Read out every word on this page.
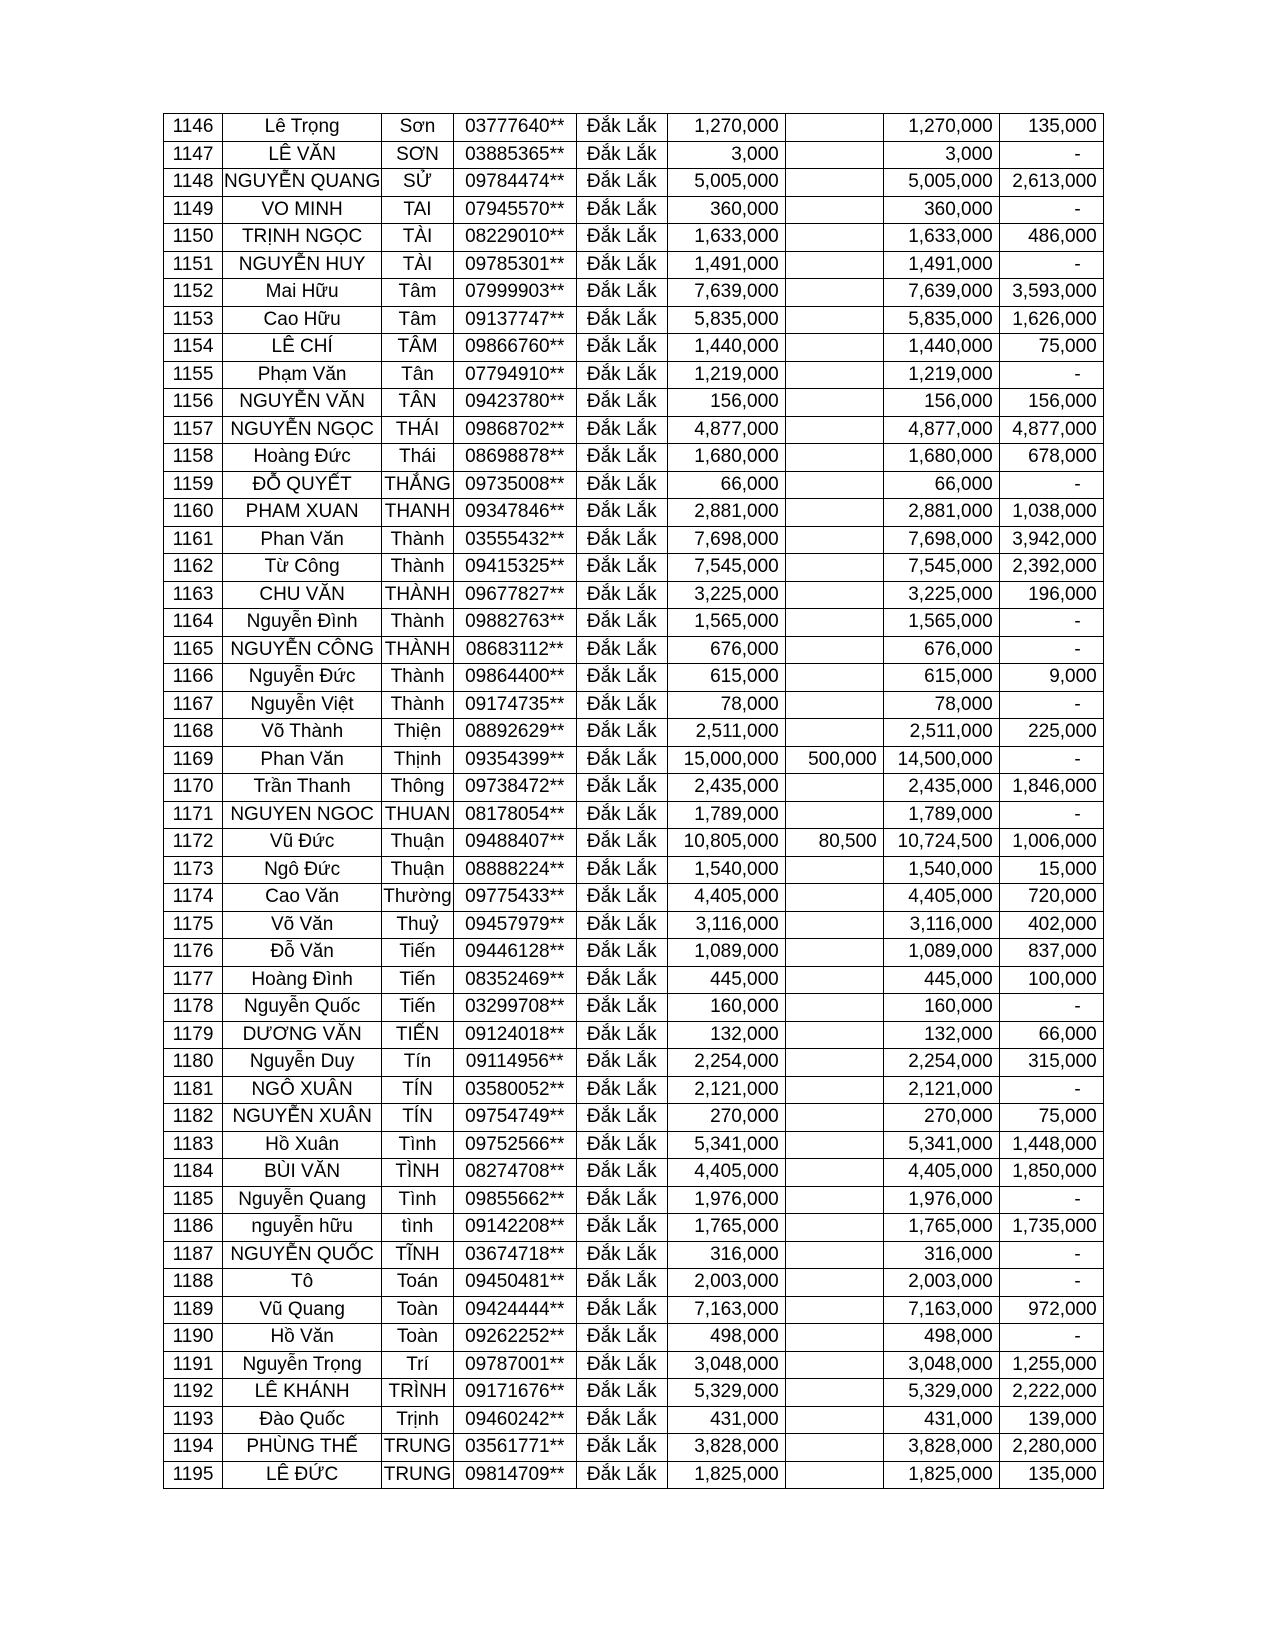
1146	Lê Trọng	Sơn	03777640**	Đắk Lắk	1,270,000		1,270,000	135,000
1147	LÊ VĂN	SƠN	03885365**	Đắk Lắk	3,000		3,000	-
1148	NGUYỄN QUANG	SỬ	09784474**	Đắk Lắk	5,005,000		5,005,000	2,613,000
1149	VO MINH	TAI	07945570**	Đắk Lắk	360,000		360,000	-
1150	TRỊNH NGỌC	TÀI	08229010**	Đắk Lắk	1,633,000		1,633,000	486,000
1151	NGUYỄN HUY	TÀI	09785301**	Đắk Lắk	1,491,000		1,491,000	-
1152	Mai Hữu	Tâm	07999903**	Đắk Lắk	7,639,000		7,639,000	3,593,000
1153	Cao Hữu	Tâm	09137747**	Đắk Lắk	5,835,000		5,835,000	1,626,000
1154	LÊ CHÍ	TÂM	09866760**	Đắk Lắk	1,440,000		1,440,000	75,000
1155	Phạm Văn	Tân	07794910**	Đắk Lắk	1,219,000		1,219,000	-
1156	NGUYỄN VĂN	TÂN	09423780**	Đắk Lắk	156,000		156,000	156,000
1157	NGUYỄN NGỌC	THÁI	09868702**	Đắk Lắk	4,877,000		4,877,000	4,877,000
1158	Hoàng Đức	Thái	08698878**	Đắk Lắk	1,680,000		1,680,000	678,000
1159	ĐỖ QUYẾT	THẮNG	09735008**	Đắk Lắk	66,000		66,000	-
1160	PHAM XUAN	THANH	09347846**	Đắk Lắk	2,881,000		2,881,000	1,038,000
1161	Phan Văn	Thành	03555432**	Đắk Lắk	7,698,000		7,698,000	3,942,000
1162	Từ Công	Thành	09415325**	Đắk Lắk	7,545,000		7,545,000	2,392,000
1163	CHU VĂN	THÀNH	09677827**	Đắk Lắk	3,225,000		3,225,000	196,000
1164	Nguyễn Đình	Thành	09882763**	Đắk Lắk	1,565,000		1,565,000	-
1165	NGUYỄN CÔNG	THÀNH	08683112**	Đắk Lắk	676,000		676,000	-
1166	Nguyễn Đức	Thành	09864400**	Đắk Lắk	615,000		615,000	9,000
1167	Nguyễn Việt	Thành	09174735**	Đắk Lắk	78,000		78,000	-
1168	Võ Thành	Thiện	08892629**	Đắk Lắk	2,511,000		2,511,000	225,000
1169	Phan Văn	Thịnh	09354399**	Đắk Lắk	15,000,000	500,000	14,500,000	-
1170	Trần Thanh	Thông	09738472**	Đắk Lắk	2,435,000		2,435,000	1,846,000
1171	NGUYEN NGOC	THUAN	08178054**	Đắk Lắk	1,789,000		1,789,000	-
1172	Vũ Đức	Thuận	09488407**	Đắk Lắk	10,805,000	80,500	10,724,500	1,006,000
1173	Ngô Đức	Thuận	08888224**	Đắk Lắk	1,540,000		1,540,000	15,000
1174	Cao Văn	Thường	09775433**	Đắk Lắk	4,405,000		4,405,000	720,000
1175	Võ Văn	Thuỷ	09457979**	Đắk Lắk	3,116,000		3,116,000	402,000
1176	Đỗ Văn	Tiến	09446128**	Đắk Lắk	1,089,000		1,089,000	837,000
1177	Hoàng Đình	Tiến	08352469**	Đắk Lắk	445,000		445,000	100,000
1178	Nguyễn Quốc	Tiến	03299708**	Đắk Lắk	160,000		160,000	-
1179	DƯƠNG VĂN	TIẾN	09124018**	Đắk Lắk	132,000		132,000	66,000
1180	Nguyễn Duy	Tín	09114956**	Đắk Lắk	2,254,000		2,254,000	315,000
1181	NGÔ XUÂN	TÍN	03580052**	Đắk Lắk	2,121,000		2,121,000	-
1182	NGUYỄN XUÂN	TÍN	09754749**	Đắk Lắk	270,000		270,000	75,000
1183	Hồ Xuân	Tình	09752566**	Đắk Lắk	5,341,000		5,341,000	1,448,000
1184	BÙI VĂN	TÌNH	08274708**	Đắk Lắk	4,405,000		4,405,000	1,850,000
1185	Nguyễn Quang	Tình	09855662**	Đắk Lắk	1,976,000		1,976,000	-
1186	nguyễn hữu	tình	09142208**	Đắk Lắk	1,765,000		1,765,000	1,735,000
1187	NGUYỄN QUỐC	TĨNH	03674718**	Đắk Lắk	316,000		316,000	-
1188	Tô	Toán	09450481**	Đắk Lắk	2,003,000		2,003,000	-
1189	Vũ Quang	Toàn	09424444**	Đắk Lắk	7,163,000		7,163,000	972,000
1190	Hồ Văn	Toàn	09262252**	Đắk Lắk	498,000		498,000	-
1191	Nguyễn Trọng	Trí	09787001**	Đắk Lắk	3,048,000		3,048,000	1,255,000
1192	LÊ KHÁNH	TRÌNH	09171676**	Đắk Lắk	5,329,000		5,329,000	2,222,000
1193	Đào Quốc	Trịnh	09460242**	Đắk Lắk	431,000		431,000	139,000
1194	PHÙNG THẾ	TRUNG	03561771**	Đắk Lắk	3,828,000		3,828,000	2,280,000
1195	LÊ ĐỨC	TRUNG	09814709**	Đắk Lắk	1,825,000		1,825,000	135,000
